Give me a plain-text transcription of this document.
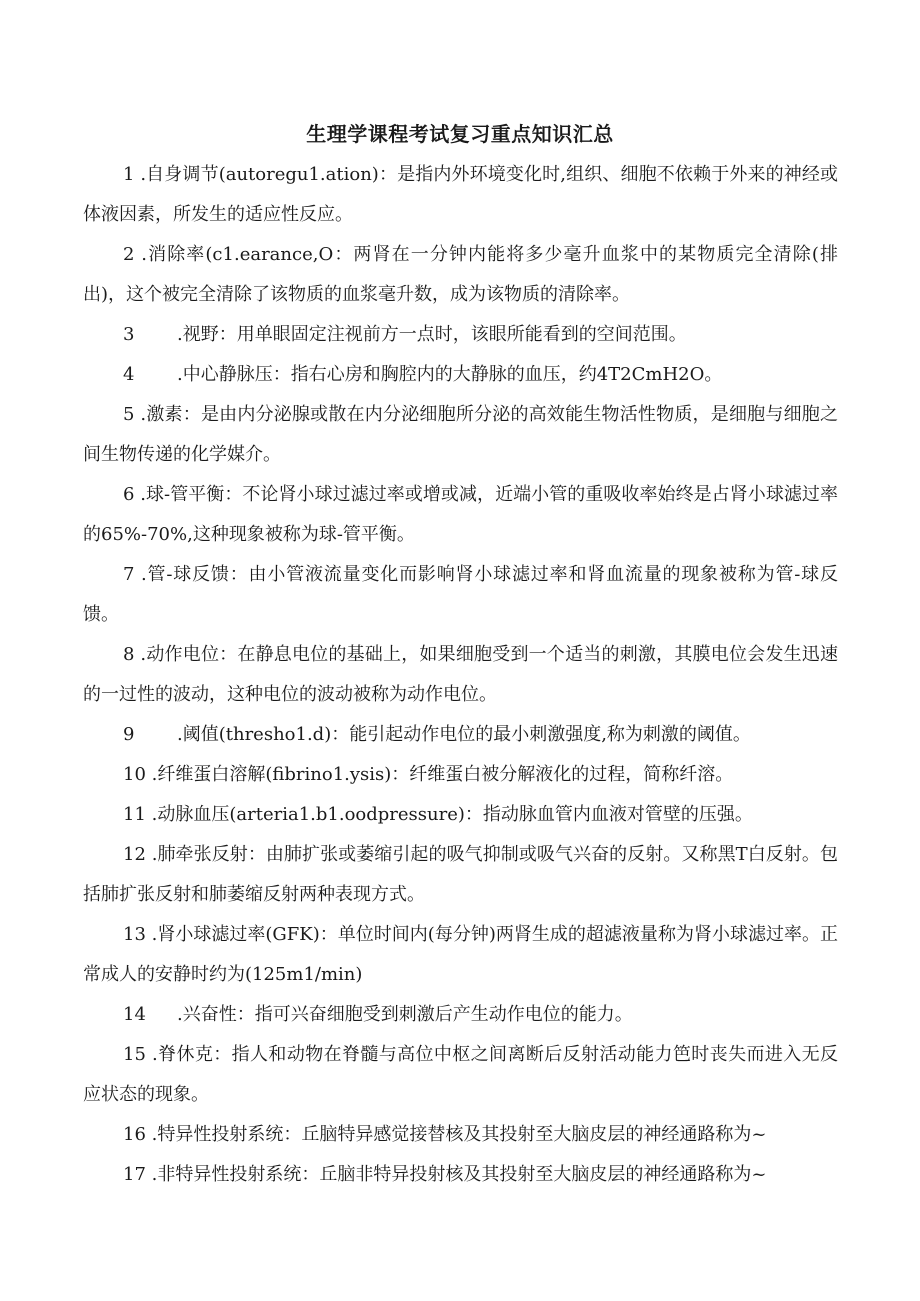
生理学课程考试复习重点知识汇总

1 .自身调节(autoregu1.ation)：是指内外环境变化时,组织、细胞不依赖于外来的神经或体液因素，所发生的适应性反应。

2 .消除率(c1.earance,O：两肾在一分钟内能将多少毫升血浆中的某物质完全清除(排出)，这个被完全清除了该物质的血浆毫升数，成为该物质的清除率。

3 .视野：用单眼固定注视前方一点时，该眼所能看到的空间范围。

4 .中心静脉压：指右心房和胸腔内的大静脉的血压，约4T2CmH2O。

5 .激素：是由内分泌腺或散在内分泌细胞所分泌的高效能生物活性物质，是细胞与细胞之间生物传递的化学媒介。

6 .球-管平衡：不论肾小球过滤过率或增或减，近端小管的重吸收率始终是占肾小球滤过率的65%-70%,这种现象被称为球-管平衡。

7 .管-球反馈：由小管液流量变化而影响肾小球滤过率和肾血流量的现象被称为管-球反馈。

8 .动作电位：在静息电位的基础上，如果细胞受到一个适当的刺激，其膜电位会发生迅速的一过性的波动，这种电位的波动被称为动作电位。

9 .阈值(thresho1.d)：能引起动作电位的最小刺激强度,称为刺激的阈值。

10 .纤维蛋白溶解(fibrino1.ysis)：纤维蛋白被分解液化的过程，简称纤溶。

11 .动脉血压(arteria1.b1.oodpressure)：指动脉血管内血液对管壁的压强。

12 .肺牵张反射：由肺扩张或萎缩引起的吸气抑制或吸气兴奋的反射。又称黑T白反射。包括肺扩张反射和肺萎缩反射两种表现方式。

13 .肾小球滤过率(GFK)：单位时间内(每分钟)两肾生成的超滤液量称为肾小球滤过率。正常成人的安静时约为(125m1∕min)

14 .兴奋性：指可兴奋细胞受到刺激后产生动作电位的能力。

15 .脊休克：指人和动物在脊髓与高位中枢之间离断后反射活动能力笆时丧失而进入无反应状态的现象。

16 .特异性投射系统：丘脑特异感觉接替核及其投射至大脑皮层的神经通路称为~

17 .非特异性投射系统：丘脑非特异投射核及其投射至大脑皮层的神经通路称为~
